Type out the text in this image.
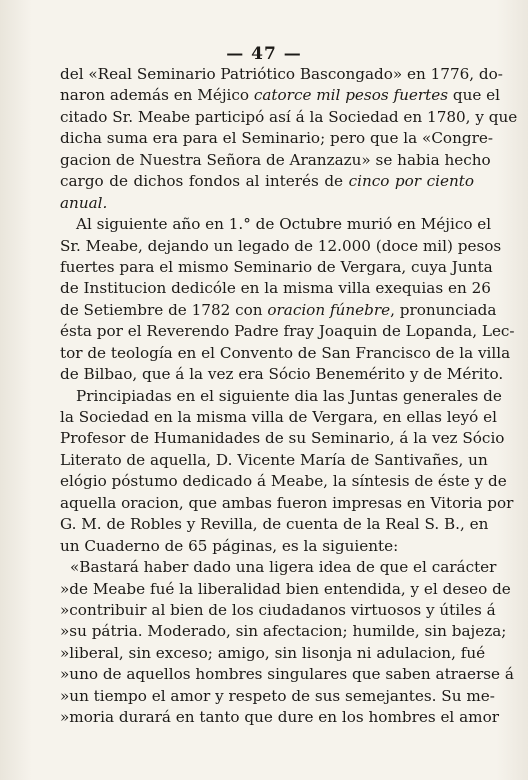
— 47 —
del «Real Seminario Patriótico Bascongado» en 1776, do-
naron además en Méjico catorce mil pesos fuertes que el
citado Sr. Meabe participó así á la Sociedad en 1780, y que
dicha suma era para el Seminario; pero que la «Congre-
gacion de Nuestra Señora de Aranzazu» se habia hecho
cargo de dichos fondos al interés de cinco por ciento
anual.
Al siguiente año en 1.° de Octubre murió en Méjico el
Sr. Meabe, dejando un legado de 12.000 (doce mil) pesos
fuertes para el mismo Seminario de Vergara, cuya Junta
de Institucion dedicóle en la misma villa exequias en 26
de Setiembre de 1782 con oracion fúnebre, pronunciada
ésta por el Reverendo Padre fray Joaquin de Lopanda, Lec-
tor de teología en el Convento de San Francisco de la villa
de Bilbao, que á la vez era Sócio Benemérito y de Mérito.
Principiadas en el siguiente dia las Juntas generales de
la Sociedad en la misma villa de Vergara, en ellas leyó el
Profesor de Humanidades de su Seminario, á la vez Sócio
Literato de aquella, D. Vicente María de Santivañes, un
elógio póstumo dedicado á Meabe, la síntesis de éste y de
aquella oracion, que ambas fueron impresas en Vitoria por
G. M. de Robles y Revilla, de cuenta de la Real S. B., en
un Cuaderno de 65 páginas, es la siguiente:
«Bastará haber dado una ligera idea de que el carácter
»de Meabe fué la liberalidad bien entendida, y el deseo de
»contribuir al bien de los ciudadanos virtuosos y útiles á
»su pátria. Moderado, sin afectacion; humilde, sin bajeza;
»liberal, sin exceso; amigo, sin lisonja ni adulacion, fué
»uno de aquellos hombres singulares que saben atraerse á
»un tiempo el amor y respeto de sus semejantes. Su me-
»moria durará en tanto que dure en los hombres el amor
